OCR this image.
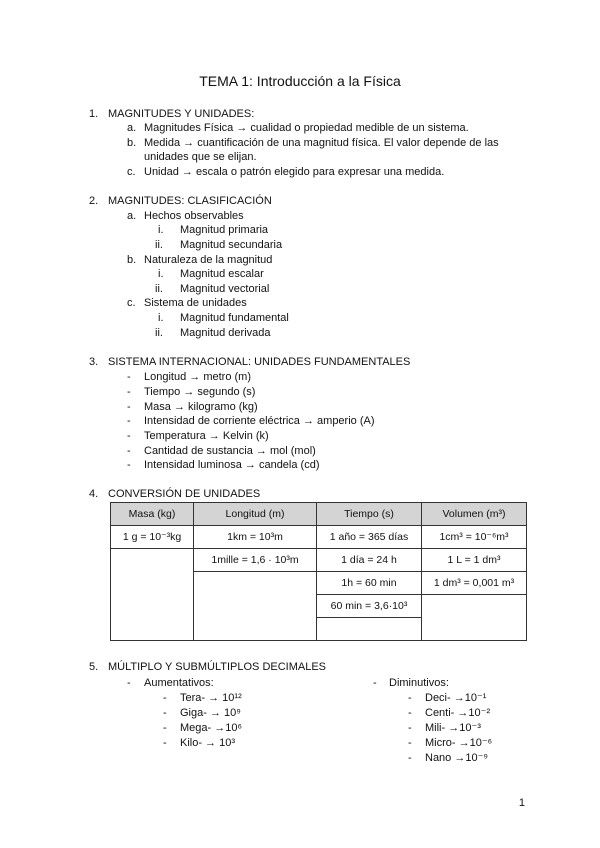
TEMA 1: Introducción a la Física
1. MAGNITUDES Y UNIDADES:
a. Magnitudes Física → cualidad o propiedad medible de un sistema.
b. Medida → cuantificación de una magnitud física. El valor depende de las
unidades que se elijan.
c. Unidad → escala o patrón elegido para expresar una medida.
2. MAGNITUDES: CLASIFICACIÓN
a. Hechos observables
i. Magnitud primaria
ii. Magnitud secundaria
b. Naturaleza de la magnitud
i. Magnitud escalar
ii. Magnitud vectorial
c. Sistema de unidades
i. Magnitud fundamental
ii. Magnitud derivada
3. SISTEMA INTERNACIONAL: UNIDADES FUNDAMENTALES
- Longitud → metro (m)
- Tiempo → segundo (s)
- Masa → kilogramo (kg)
- Intensidad de corriente eléctrica → amperio (A)
- Temperatura → Kelvin (k)
- Cantidad de sustancia → mol (mol)
- Intensidad luminosa → candela (cd)
4. CONVERSIÓN DE UNIDADES
Masa (kg)	Longitud (m)	Tiempo (s)	Volumen (m³)
1 g = 10⁻³kg	1km = 10³m	1 año = 365 días	1cm³ = 10⁻⁶m³
	1mille = 1,6 · 10³m	1 día = 24 h	1 L = 1 dm³
		1h = 60 min	1 dm³ = 0,001 m³
		60 min = 3,6·10³	

5. MÚLTIPLO Y SUBMÚLTIPLOS DECIMALES
- Aumentativos:
- Tera- → 10¹²
- Giga- → 10⁹
- Mega- →10⁶
- Kilo- → 10³
- Diminutivos:
- Deci- →10⁻¹
- Centi- →10⁻²
- Mili- →10⁻³
- Micro- →10⁻⁶
- Nano →10⁻⁹
1
